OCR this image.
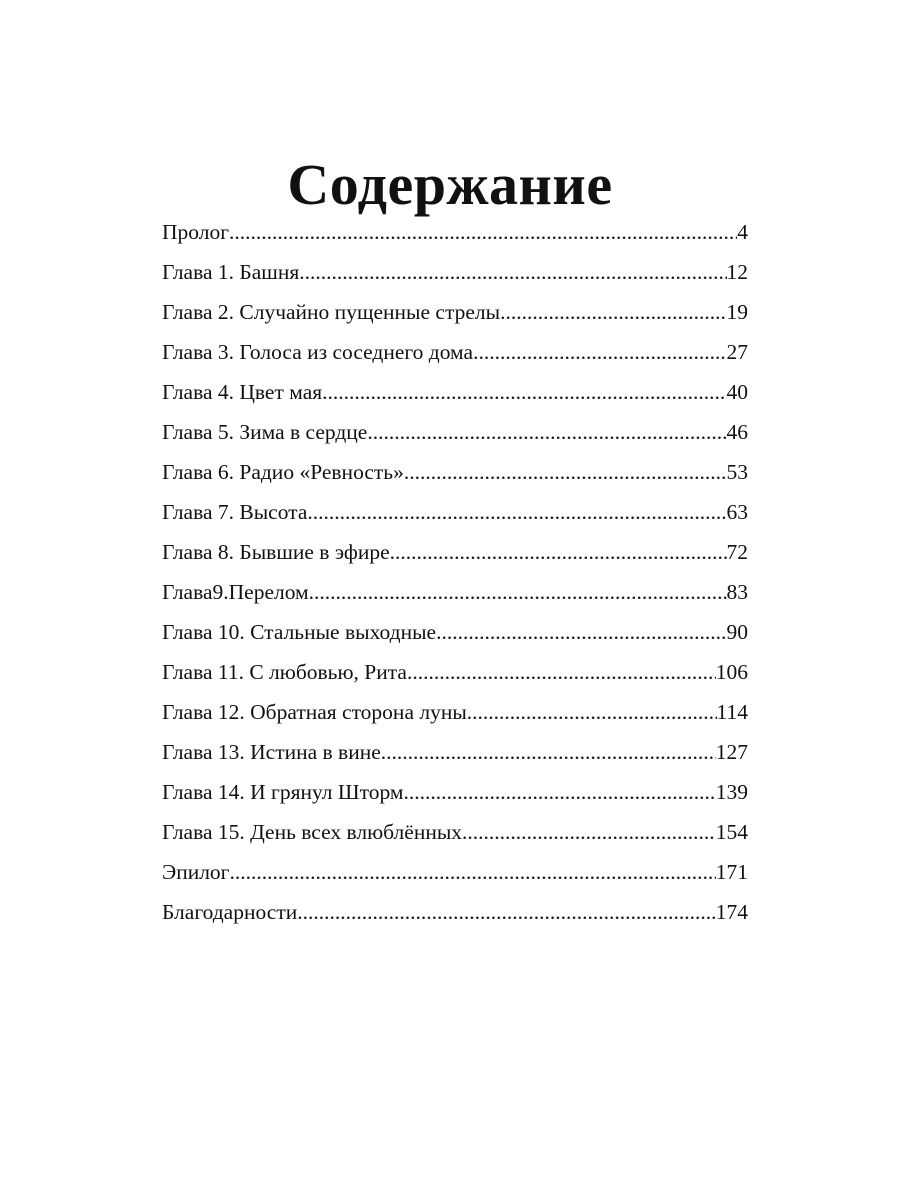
Содержание
Пролог .....	4
Глава 1. Башня .....	12
Глава 2. Случайно пущенные стрелы .....	19
Глава 3. Голоса из соседнего дома .....	27
Глава 4. Цвет мая .....	40
Глава 5. Зима в сердце .....	46
Глава 6. Радио «Ревность» .....	53
Глава 7. Высота .....	63
Глава 8. Бывшие в эфире .....	72
Глава9.Перелом .....	83
Глава 10. Стальные выходные .....	90
Глава 11. С любовью, Рита .....	106
Глава 12. Обратная сторона луны .....	114
Глава 13. Истина в вине .....	127
Глава 14. И грянул Шторм .....	139
Глава 15. День всех влюблённых .....	154
Эпилог .....	171
Благодарности .....	174
